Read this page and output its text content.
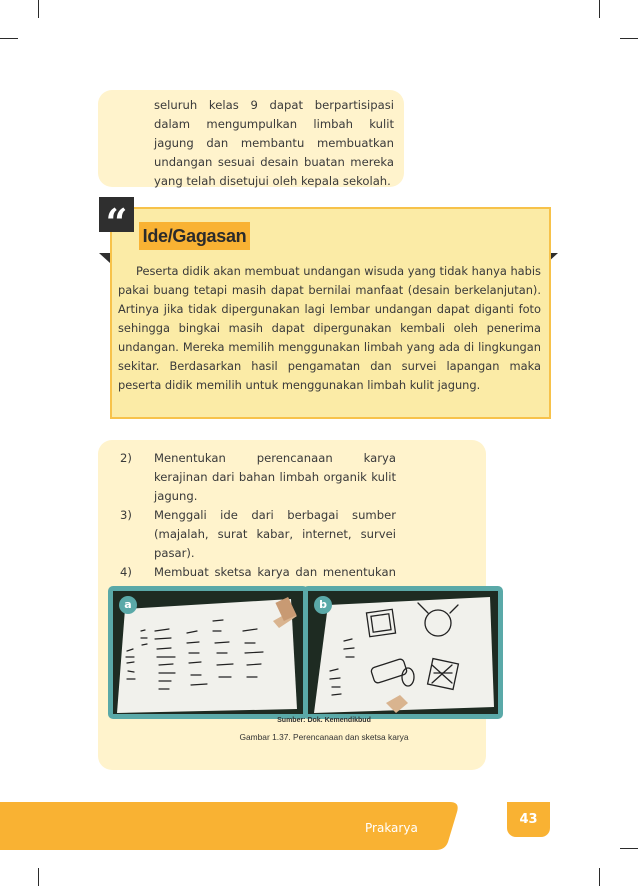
seluruh kelas 9 dapat berpartisipasi dalam mengumpulkan limbah kulit jagung dan membantu membuatkan undangan sesuai desain buatan mereka yang telah disetujui oleh kepala sekolah.

“ Ide/Gagasan

Peserta didik akan membuat undangan wisuda yang tidak hanya habis pakai buang tetapi masih dapat bernilai manfaat (desain berkelanjutan). Artinya jika tidak dipergunakan lagi lembar undangan dapat diganti foto sehingga bingkai masih dapat dipergunakan kembali oleh penerima undangan. Mereka memilih menggunakan limbah yang ada di lingkungan sekitar. Berdasarkan hasil pengamatan dan survei lapangan maka peserta didik memilih untuk menggunakan limbah kulit jagung.

2)	Menentukan perencanaan karya kerajinan dari bahan limbah organik kulit jagung.
3)	Menggali ide dari berbagai sumber (majalah, surat kabar, internet, survei pasar).
4)	Membuat sketsa karya dan menentukan
a	b
Sumber: Dok. Kemendikbud
Gambar 1.37. Perencanaan dan sketsa karya
Prakarya
43
